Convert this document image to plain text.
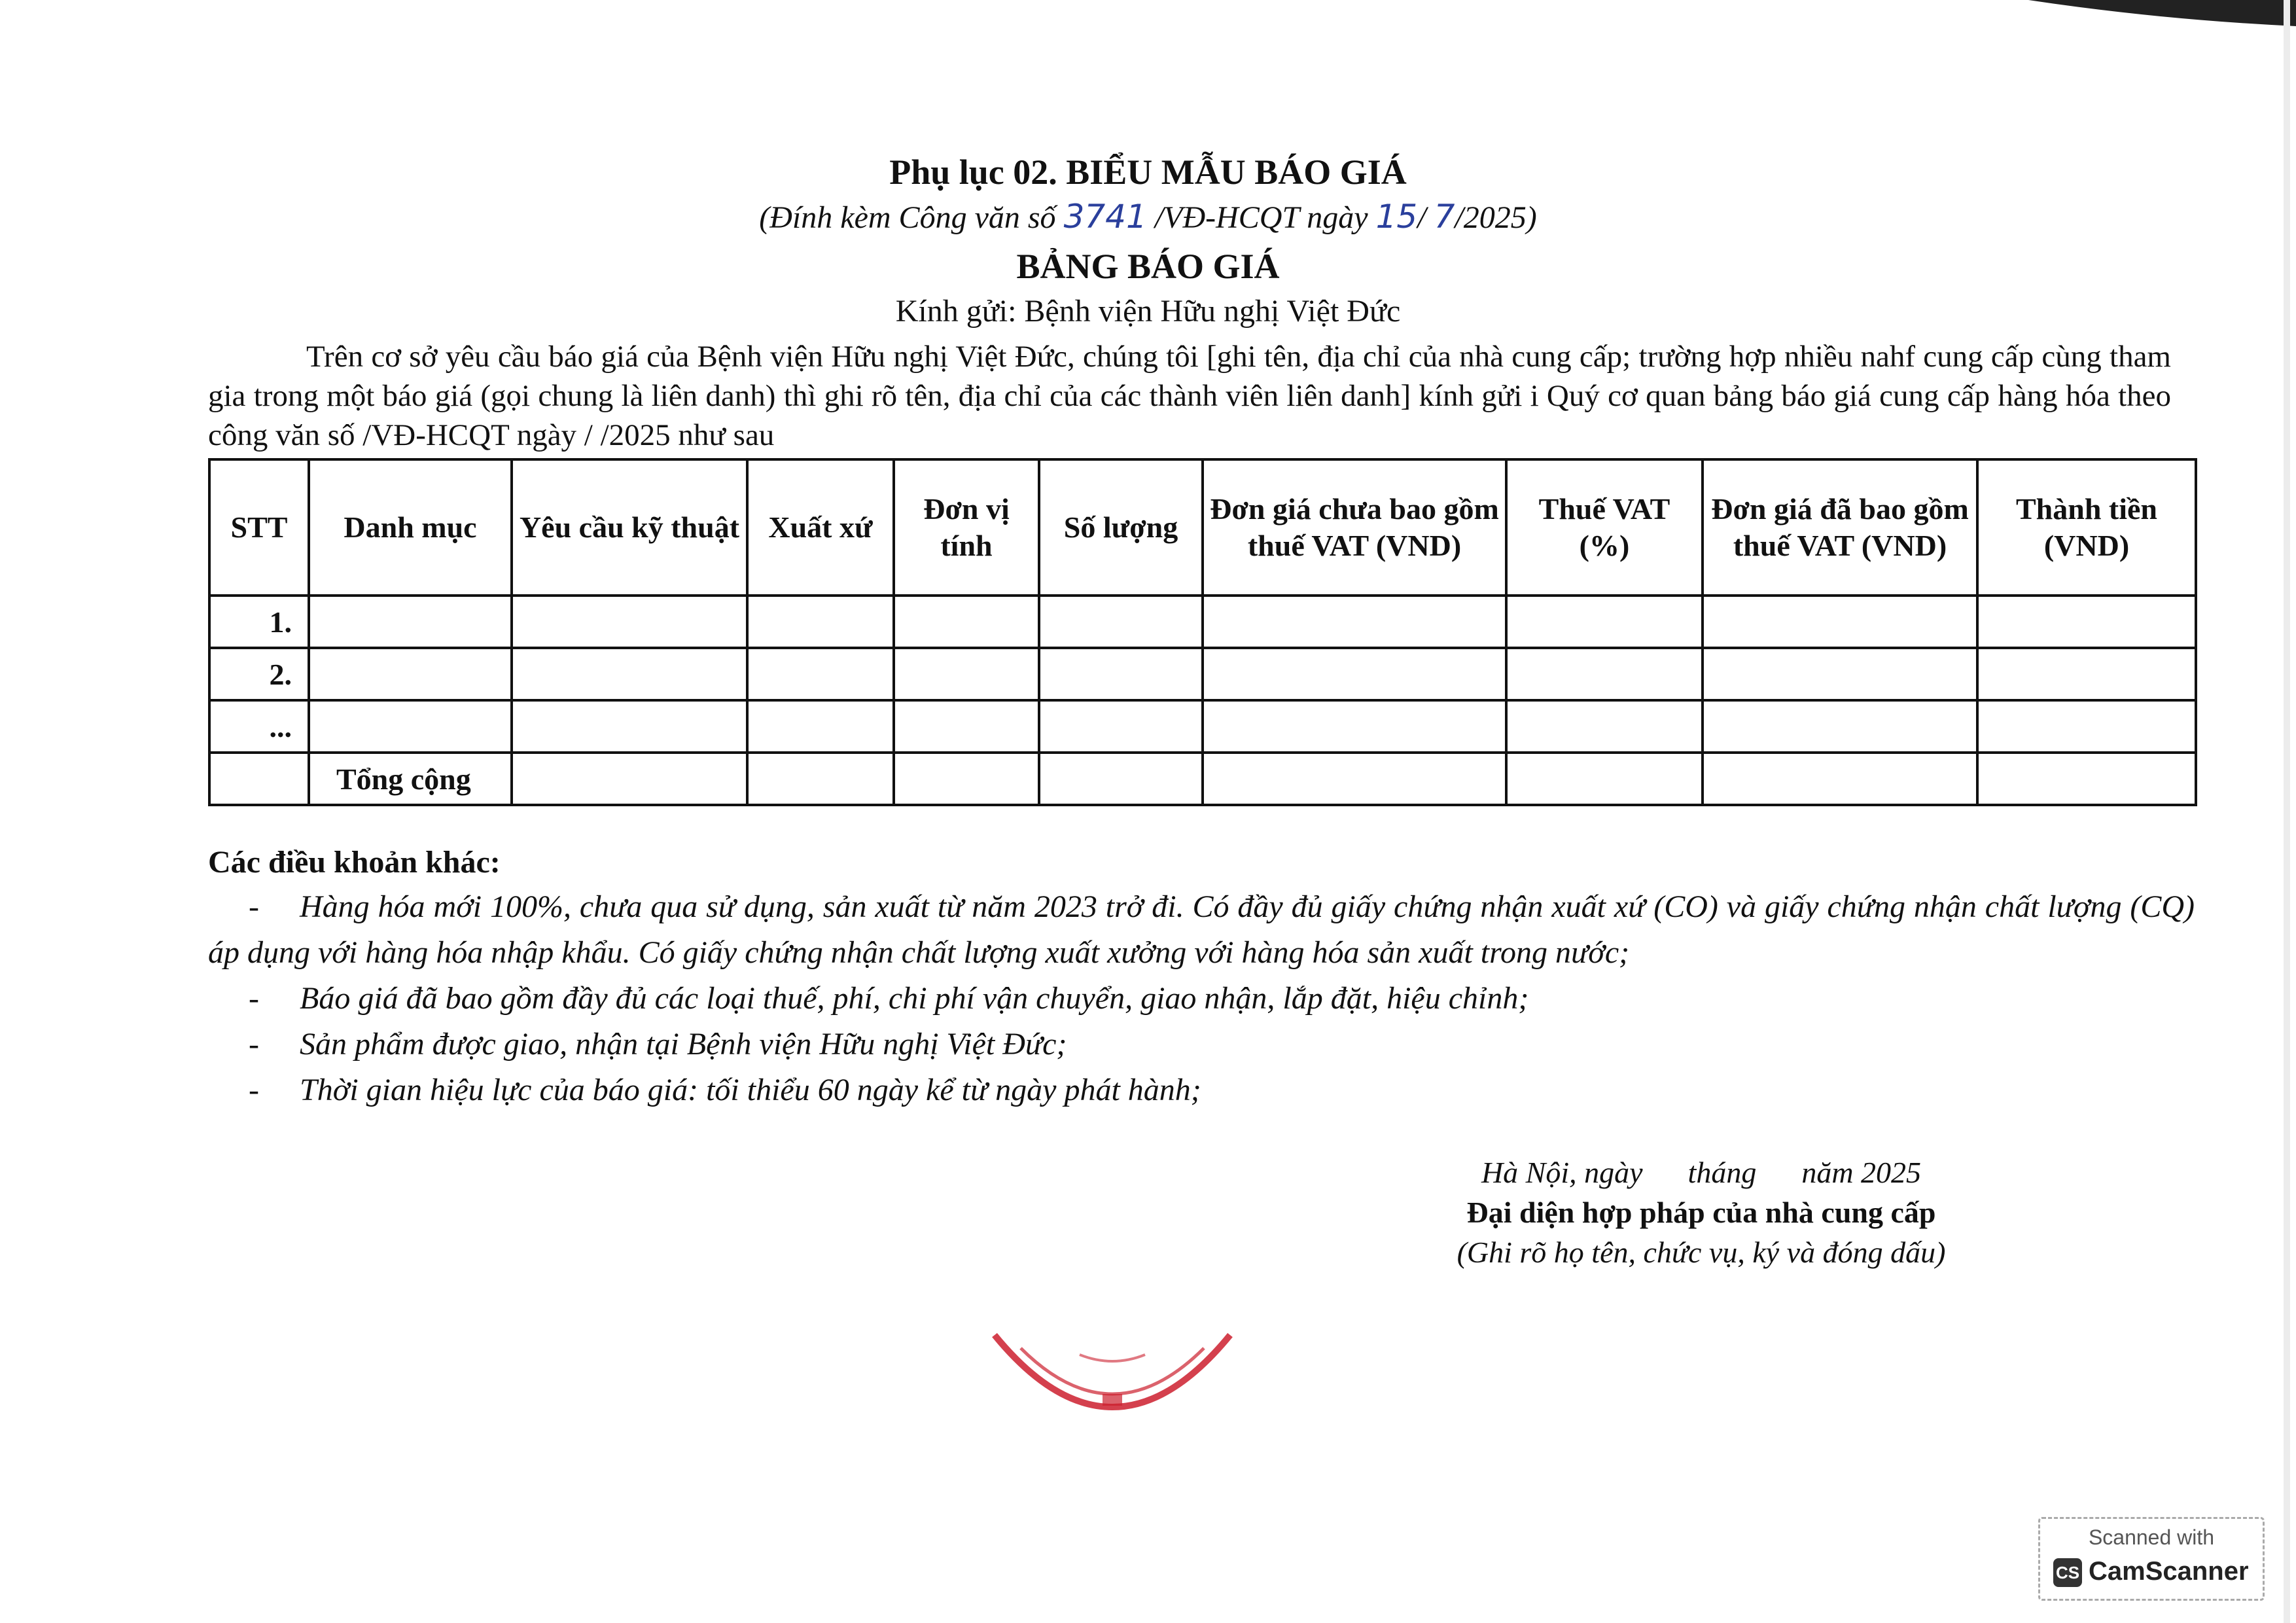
Phụ lục 02. BIỂU MẪU BÁO GIÁ
(Đính kèm Công văn số 3741 /VĐ-HCQT ngày 15/ 7/2025)
BẢNG BÁO GIÁ
Kính gửi: Bệnh viện Hữu nghị Việt Đức

Trên cơ sở yêu cầu báo giá của Bệnh viện Hữu nghị Việt Đức, chúng tôi [ghi tên, địa chỉ của nhà cung cấp; trường hợp nhiều nahf cung cấp cùng tham gia trong một báo giá (gọi chung là liên danh) thì ghi rõ tên, địa chỉ của các thành viên liên danh] kính gửi i Quý cơ quan bảng báo giá cung cấp hàng hóa theo công văn số /VĐ-HCQT ngày / /2025 như sau

STT	Danh mục	Yêu cầu kỹ thuật	Xuất xứ	Đơn vị tính	Số lượng	Đơn giá chưa bao gồm thuế VAT (VND)	Thuế VAT (%)	Đơn giá đã bao gồm thuế VAT (VND)	Thành tiền (VND)
1.									
2.									
...									
	Tổng cộng								
Các điều khoản khác:
- Hàng hóa mới 100%, chưa qua sử dụng, sản xuất từ năm 2023 trở đi. Có đầy đủ giấy chứng nhận xuất xứ (CO) và giấy chứng nhận chất lượng (CQ) áp dụng với hàng hóa nhập khẩu. Có giấy chứng nhận chất lượng xuất xưởng với hàng hóa sản xuất trong nước;
- Báo giá đã bao gồm đầy đủ các loại thuế, phí, chi phí vận chuyển, giao nhận, lắp đặt, hiệu chỉnh;
- Sản phẩm được giao, nhận tại Bệnh viện Hữu nghị Việt Đức;
- Thời gian hiệu lực của báo giá: tối thiểu 60 ngày kể từ ngày phát hành;
Hà Nội, ngày      tháng      năm 2025
Đại diện hợp pháp của nhà cung cấp
(Ghi rõ họ tên, chức vụ, ký và đóng dấu)
Scanned with
CS CamScanner
